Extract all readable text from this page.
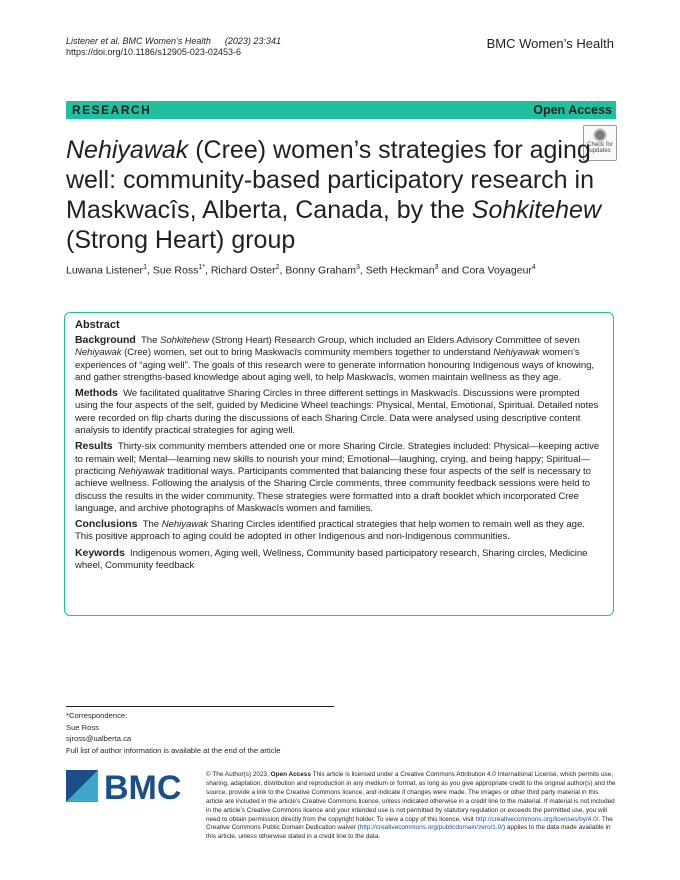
Listener et al. BMC Women’s Health (2023) 23:341
https://doi.org/10.1186/s12905-023-02453-6
BMC Women’s Health
RESEARCH	Open Access
Check for
updates
Nehiyawak (Cree) women’s strategies for aging well: community-based participatory research in Maskwacîs, Alberta, Canada, by the Sohkitehew (Strong Heart) group
Luwana Listener$^1$, Sue Ross$^{1*}$, Richard Oster$^2$, Bonny Graham$^3$, Seth Heckman$^3$ and Cora Voyageur$^4$
Abstract

Background The Sohkitehew (Strong Heart) Research Group, which included an Elders Advisory Committee of seven Nehiyawak (Cree) women, set out to bring Maskwacîs community members together to understand Nehiyawak women’s experiences of “aging well”. The goals of this research were to generate information honouring Indigenous ways of knowing, and gather strengths-based knowledge about aging well, to help Maskwacîs, women maintain wellness as they age.

Methods We facilitated qualitative Sharing Circles in three different settings in Maskwacîs. Discussions were prompted using the four aspects of the self, guided by Medicine Wheel teachings: Physical, Mental, Emotional, Spiritual. Detailed notes were recorded on flip charts during the discussions of each Sharing Circle. Data were analysed using descriptive content analysis to identify practical strategies for aging well.

Results Thirty-six community members attended one or more Sharing Circle. Strategies included: Physical—keeping active to remain well; Mental—learning new skills to nourish your mind; Emotional—laughing, crying, and being happy; Spiritual—practicing Nehiyawak traditional ways. Participants commented that balancing these four aspects of the self is necessary to achieve wellness. Following the analysis of the Sharing Circle comments, three community feedback sessions were held to discuss the results in the wider community. These strategies were formatted into a draft booklet which incorporated Cree language, and archive photographs of Maskwacîs women and families.

Conclusions The Nehiyawak Sharing Circles identified practical strategies that help women to remain well as they age. This positive approach to aging could be adopted in other Indigenous and non-Indigenous communities.

Keywords Indigenous women, Aging well, Wellness, Community based participatory research, Sharing circles, Medicine wheel, Community feedback

*Correspondence:
Sue Ross
sjross@ualberta.ca
Full list of author information is available at the end of the article
BMC	© The Author(s) 2023. Open Access This article is licensed under a Creative Commons Attribution 4.0 International License, which permits use, sharing, adaptation, distribution and reproduction in any medium or format, as long as you give appropriate credit to the original author(s) and the source, provide a link to the Creative Commons licence, and indicate if changes were made. The images or other third party material in this article are included in the article’s Creative Commons licence, unless indicated otherwise in a credit line to the material. If material is not included in the article’s Creative Commons licence and your intended use is not permitted by statutory regulation or exceeds the permitted use, you will need to obtain permission directly from the copyright holder. To view a copy of this licence, visit http://creativecommons.org/licenses/by/4.0/. The Creative Commons Public Domain Dedication waiver (http://creativecommons.org/publicdomain/zero/1.0/) applies to the data made available in this article, unless otherwise stated in a credit line to the data.
